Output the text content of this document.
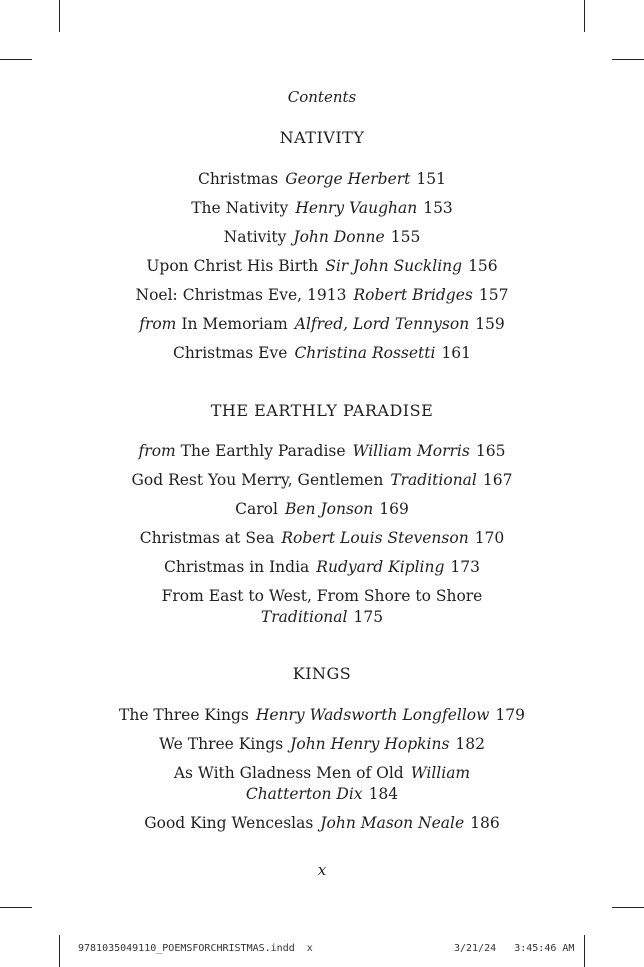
Contents
NATIVITY
Christmas George Herbert 151
The Nativity Henry Vaughan 153
Nativity John Donne 155
Upon Christ His Birth Sir John Suckling 156
Noel: Christmas Eve, 1913 Robert Bridges 157
from In Memoriam Alfred, Lord Tennyson 159
Christmas Eve Christina Rossetti 161
THE EARTHLY PARADISE
from The Earthly Paradise William Morris 165
God Rest You Merry, Gentlemen Traditional 167
Carol Ben Jonson 169
Christmas at Sea Robert Louis Stevenson 170
Christmas in India Rudyard Kipling 173
From East to West, From Shore to Shore
Traditional 175
KINGS
The Three Kings Henry Wadsworth Longfellow 179
We Three Kings John Henry Hopkins 182
As With Gladness Men of Old William Chatterton Dix 184
Good King Wenceslas John Mason Neale 186
x
9781035049110_POEMSFORCHRISTMAS.indd x	3/21/24 3:45:46 AM
